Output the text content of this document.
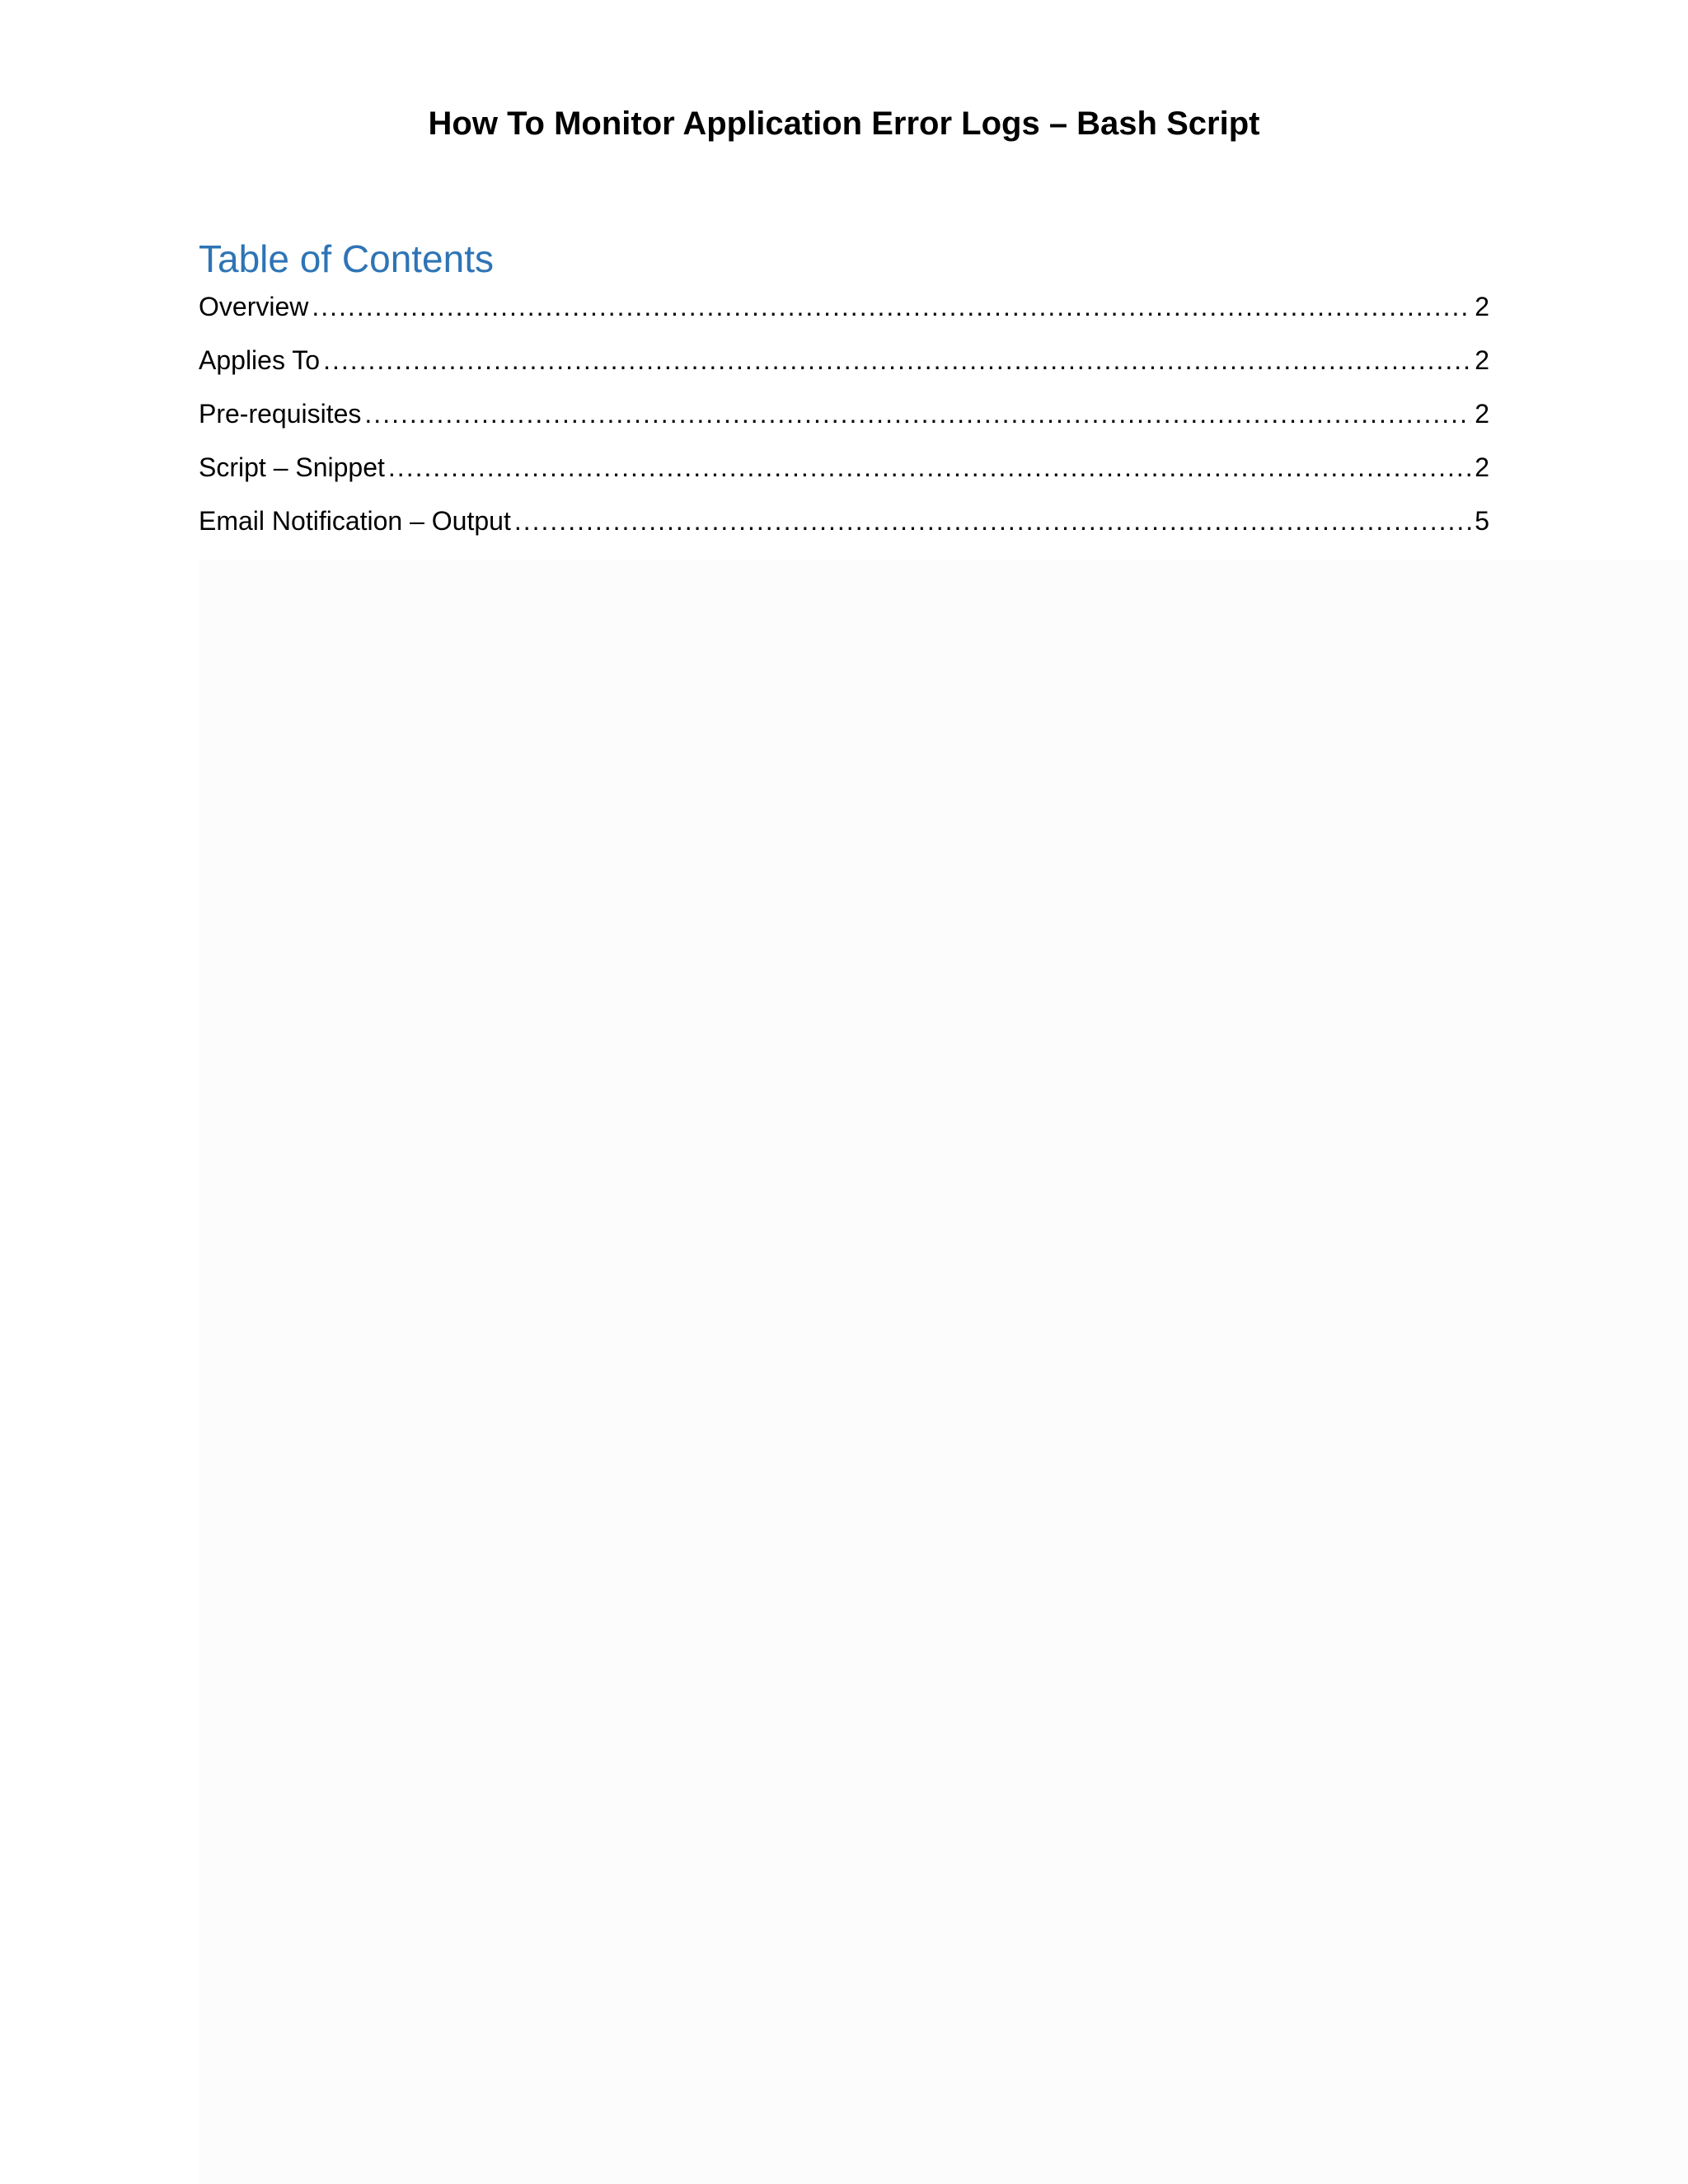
How To Monitor Application Error Logs – Bash Script
Table of Contents
Overview .....	2
Applies To .....	2
Pre-requisites .....	2
Script – Snippet .....	2
Email Notification – Output .....	5
